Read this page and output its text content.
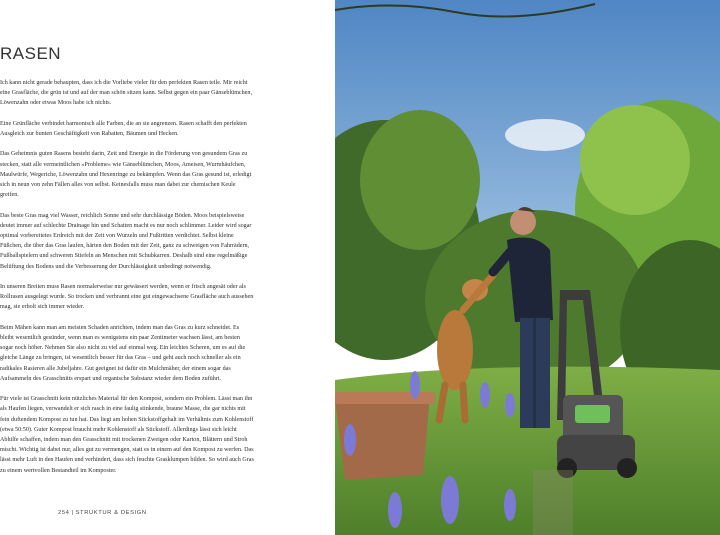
RASEN

Ich kann nicht gerade behaupten, dass ich die Vorliebe vieler für den perfekten Rasen teile. Mir reicht eine Grasfläche, die grün ist und auf der man schön sitzen kann. Selbst gegen ein paar Gänseblümchen, Löwenzahn oder etwas Moos habe ich nichts.

Eine Grünfläche verbindet harmonisch alle Farben, die an sie angrenzen. Rasen schafft den perfekten Ausgleich zur bunten Geschäftigkeit von Rabatten, Bäumen und Hecken.

Das Geheimnis guten Rasens besteht darin, Zeit und Energie in die Förderung von gesundem Gras zu stecken, statt alle vermeintlichen »Probleme« wie Gänseblümchen, Moos, Ameisen, Wurmhäufchen, Maulwürfe, Wegeriche, Löwenzahn und Hexenringe zu bekämpfen. Wenn das Gras gesund ist, erledigt sich in neun von zehn Fällen alles von selbst. Keinesfalls muss man dabei zur chemischen Keule greifen.

Das beste Gras mag viel Wasser, reichlich Sonne und sehr durchlässige Böden. Moos beispielsweise deutet immer auf schlechte Drainage hin und Schatten macht es nur noch schlimmer. Leider wird sogar optimal vorbereitetes Erdreich mit der Zeit von Wurzeln und Fußtritten verdichtet. Selbst kleine Füßchen, die über das Gras laufen, härten den Boden mit der Zeit, ganz zu schweigen von Fahrrädern, Fußballspielern und schweren Stiefeln an Menschen mit Schubkarren. Deshalb sind eine regelmäßige Belüftung des Bodens und die Verbesserung der Durchlässigkeit unbedingt notwendig.

In unseren Breiten muss Rasen normalerweise nur gewässert werden, wenn er frisch angesät oder als Rollrasen ausgelegt wurde. So trocken und verbrannt eine gut eingewachsene Grasfläche auch aussehen mag, sie erholt sich immer wieder.

Beim Mähen kann man am meisten Schaden anrichten, indem man das Gras zu kurz schneidet. Es bleibt wesentlich gesünder, wenn man es wenigstens ein paar Zentimeter wachsen lässt, am besten sogar noch höher. Nehmen Sie also nicht zu viel auf einmal weg. Ein leichtes Scheren, um es auf die gleiche Länge zu bringen, ist wesentlich besser für das Gras – und geht auch noch schneller als ein radikales Rasieren alle Jubeljahre. Gut geeignet ist dafür ein Mulchmäher, der einem sogar das Aufsammeln des Grasschnitts erspart und organische Substanz wieder dem Boden zuführt.

Für viele ist Grasschnitt kein nützliches Material für den Kompost, sondern ein Problem. Lässt man ihn als Haufen liegen, verwandelt er sich rasch in eine faulig stinkende, braune Masse, die gar nichts mit fein duftendem Kompost zu tun hat. Das liegt am hohen Stickstoffgehalt im Verhältnis zum Kohlenstoff (etwa 50:50). Guter Kompost braucht mehr Kohlenstoff als Stickstoff. Allerdings lässt sich leicht Abhilfe schaffen, indem man den Grasschnitt mit trockenen Zweigen oder Karton, Blättern und Stroh mischt. Wichtig ist dabei nur, alles gut zu vermengen, statt es in einem auf den Kompost zu werfen. Das lässt mehr Luft in den Haufen und verhindert, dass sich feuchte Grasklumpen bilden. So wird auch Gras zu einem wertvollen Bestandteil im Komposter.

254 | STRUKTUR & DESIGN
